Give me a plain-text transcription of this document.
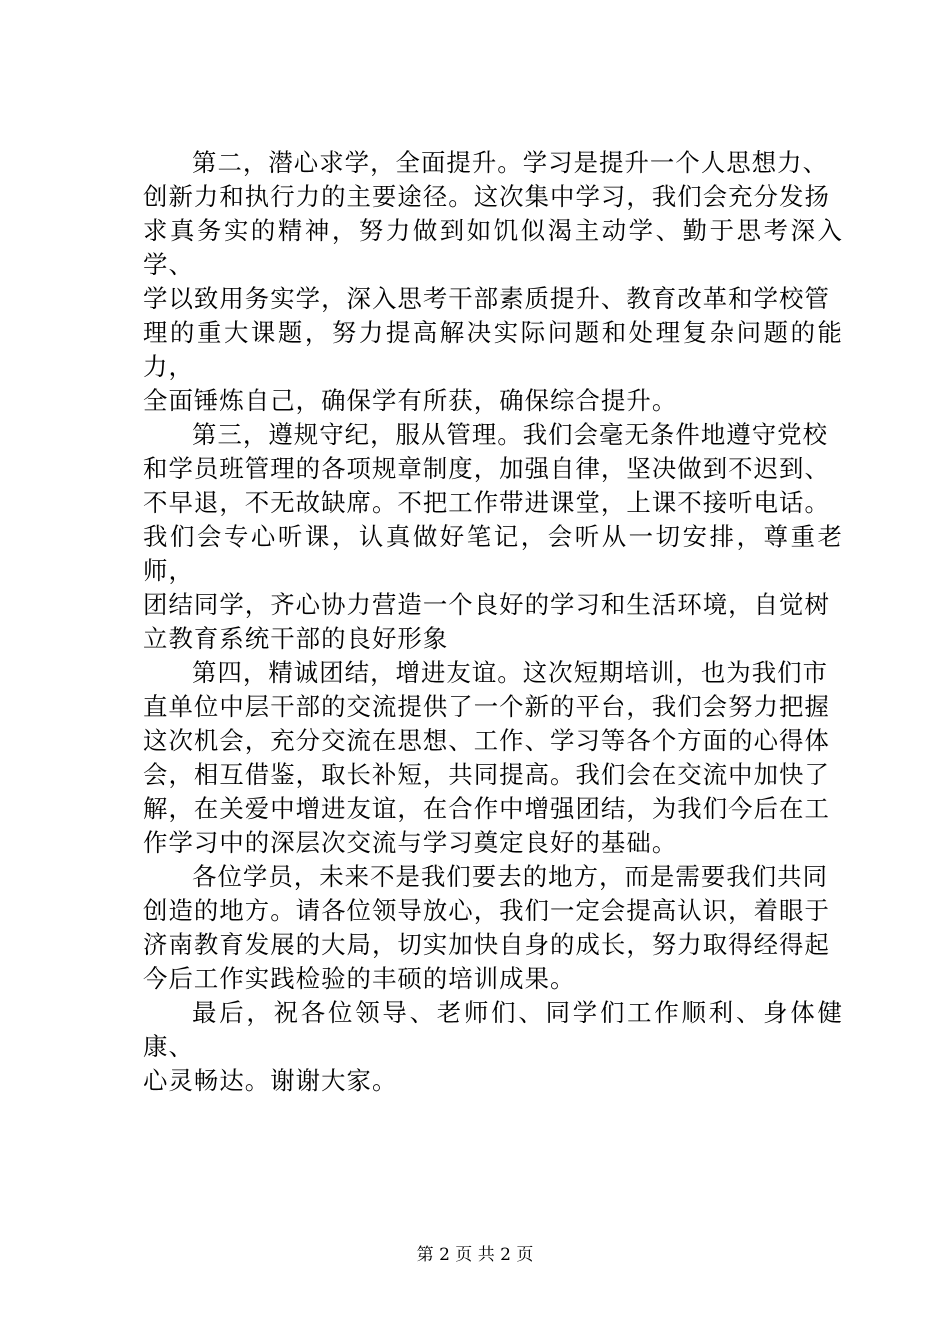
第二，潜心求学，全面提升。学习是提升一个人思想力、
创新力和执行力的主要途径。这次集中学习，我们会充分发扬
求真务实的精神，努力做到如饥似渴主动学、勤于思考深入学、
学以致用务实学，深入思考干部素质提升、教育改革和学校管
理的重大课题，努力提高解决实际问题和处理复杂问题的能力，
全面锤炼自己，确保学有所获，确保综合提升。

第三，遵规守纪，服从管理。我们会毫无条件地遵守党校
和学员班管理的各项规章制度，加强自律，坚决做到不迟到、
不早退，不无故缺席。不把工作带进课堂，上课不接听电话。
我们会专心听课，认真做好笔记，会听从一切安排，尊重老师，
团结同学，齐心协力营造一个良好的学习和生活环境，自觉树
立教育系统干部的良好形象

第四，精诚团结，增进友谊。这次短期培训，也为我们市
直单位中层干部的交流提供了一个新的平台，我们会努力把握
这次机会，充分交流在思想、工作、学习等各个方面的心得体
会，相互借鉴，取长补短，共同提高。我们会在交流中加快了
解，在关爱中增进友谊，在合作中增强团结，为我们今后在工
作学习中的深层次交流与学习奠定良好的基础。

各位学员，未来不是我们要去的地方，而是需要我们共同
创造的地方。请各位领导放心，我们一定会提高认识，着眼于
济南教育发展的大局，切实加快自身的成长，努力取得经得起
今后工作实践检验的丰硕的培训成果。

最后，祝各位领导、老师们、同学们工作顺利、身体健康、
心灵畅达。谢谢大家。

第 2 页 共 2 页
